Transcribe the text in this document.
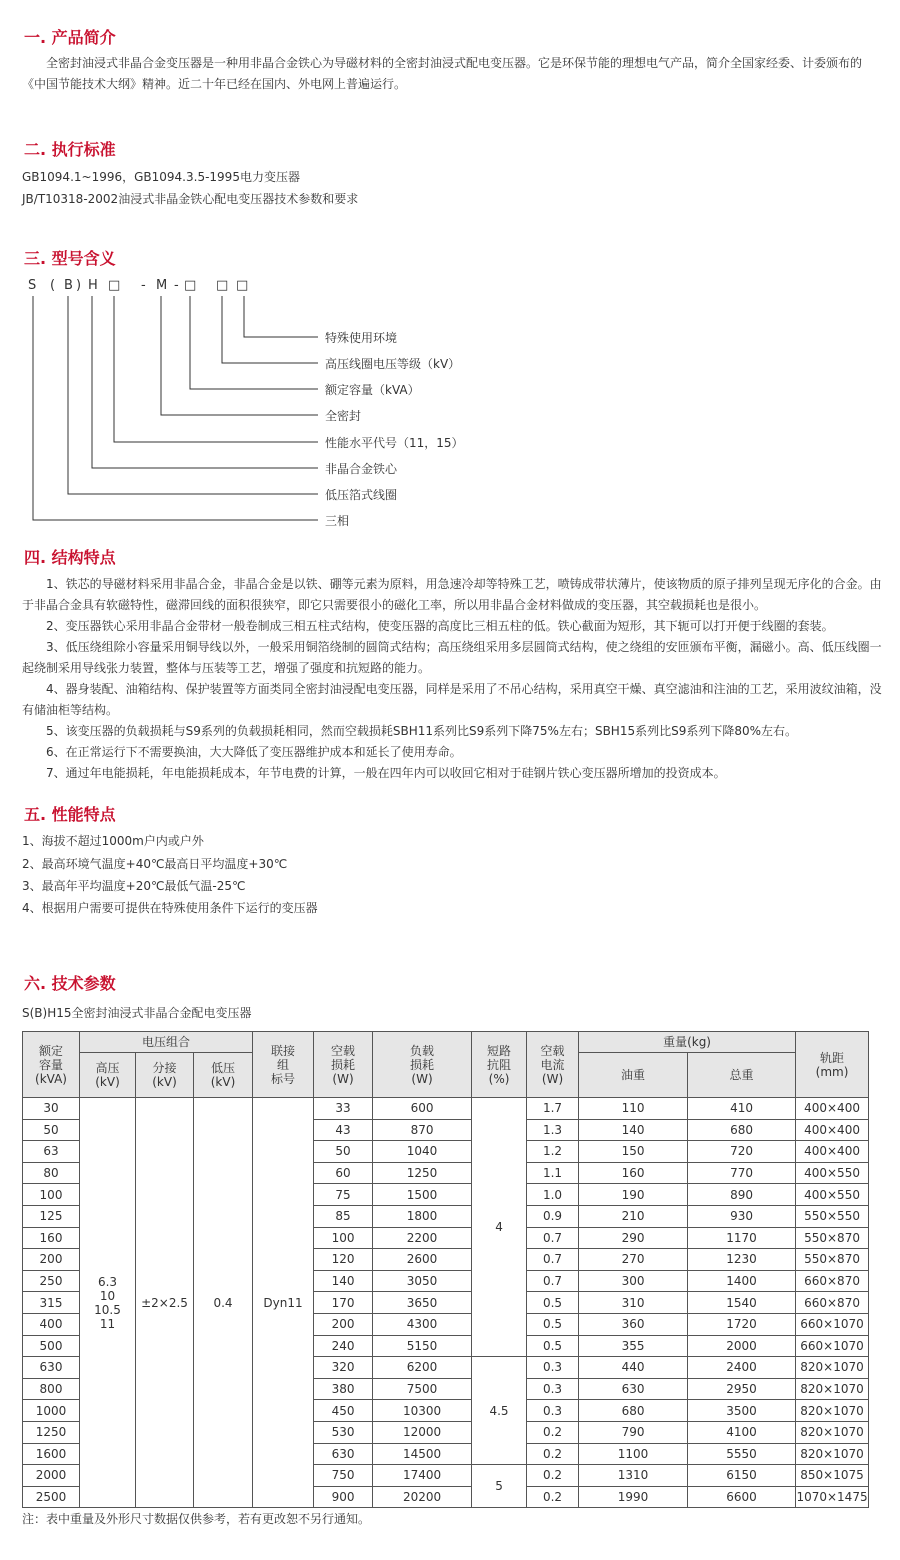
一. 产品简介

全密封油浸式非晶合金变压器是一种用非晶合金铁心为导磁材料的全密封油浸式配电变压器。它是环保节能的理想电气产品，简介全国家经委、计委颁布的《中国节能技术大纲》精神。近二十年已经在国内、外电网上普遍运行。

二. 执行标准

GB1094.1~1996，GB1094.3.5-1995电力变压器

JB/T10318-2002油浸式非晶金铁心配电变压器技术参数和要求

三. 型号含义
S ( B ) H □ - M - □ □ □
特殊使用环境
高压线圈电压等级（kV）
额定容量（kVA）
全密封
性能水平代号（11，15）
非晶合金铁心
低压箔式线圈
三相
四. 结构特点

1、铁芯的导磁材料采用非晶合金，非晶合金是以铁、硼等元素为原料，用急速冷却等特殊工艺，喷铸成带状薄片，使该物质的原子排列呈现无序化的合金。由于非晶合金具有软磁特性，磁滞回线的面积很狭窄，即它只需要很小的磁化工率，所以用非晶合金材料做成的变压器，其空载损耗也是很小。

2、变压器铁心采用非晶合金带材一般卷制成三相五柱式结构，使变压器的高度比三相五柱的低。铁心截面为短形，其下轭可以打开便于线圈的套装。

3、低压绕组除小容量采用铜导线以外，一般采用铜箔绕制的圆筒式结构；高压绕组采用多层圆筒式结构，使之绕组的安匝颁布平衡，漏磁小。高、低压线圈一起绕制采用导线张力装置，整体与压装等工艺，增强了强度和抗短路的能力。

4、器身装配、油箱结构、保护装置等方面类同全密封油浸配电变压器，同样是采用了不吊心结构，采用真空干燥、真空滤油和注油的工艺，采用波纹油箱，没有储油柜等结构。

5、该变压器的负载损耗与S9系列的负载损耗相同，然而空载损耗SBH11系列比S9系列下降75%左右；SBH15系列比S9系列下降80%左右。

6、在正常运行下不需要换油，大大降低了变压器维护成本和延长了使用寿命。

7、通过年电能损耗，年电能损耗成本，年节电费的计算，一般在四年内可以收回它相对于硅钢片铁心变压器所增加的投资成本。

五. 性能特点

1、海拔不超过1000m户内或户外

2、最高环境气温度+40℃最高日平均温度+30℃

3、最高年平均温度+20℃最低气温-25℃

4、根据用户需要可提供在特殊使用条件下运行的变压器

六. 技术参数
S(B)H15全密封油浸式非晶合金配电变压器
额定
容量
(kVA)	电压组合			联接
组
标号	空载
损耗
(W)	负载
损耗
(W)	短路
抗阻
(%)	空载
电流
(W)	重量(kg)		轨距
(mm)
	高压
(kV)	分接
(kV)	低压
(kV)						油重	总重	
30	6.3
10
10.5
11	±2×2.5	0.4	Dyn11	33	600	4	1.7	110	410	400×400
50					43	870		1.3	140	680	400×400
63					50	1040		1.2	150	720	400×400
80					60	1250		1.1	160	770	400×550
100					75	1500		1.0	190	890	400×550
125					85	1800		0.9	210	930	550×550
160					100	2200		0.7	290	1170	550×870
200					120	2600		0.7	270	1230	550×870
250					140	3050		0.7	300	1400	660×870
315					170	3650		0.5	310	1540	660×870
400					200	4300		0.5	360	1720	660×1070
500					240	5150		0.5	355	2000	660×1070
630					320	6200	4.5	0.3	440	2400	820×1070
800					380	7500		0.3	630	2950	820×1070
1000					450	10300		0.3	680	3500	820×1070
1250					530	12000		0.2	790	4100	820×1070
1600					630	14500		0.2	1100	5550	820×1070
2000					750	17400	5	0.2	1310	6150	850×1075
2500					900	20200		0.2	1990	6600	1070×1475
注：表中重量及外形尺寸数据仅供参考，若有更改恕不另行通知。
